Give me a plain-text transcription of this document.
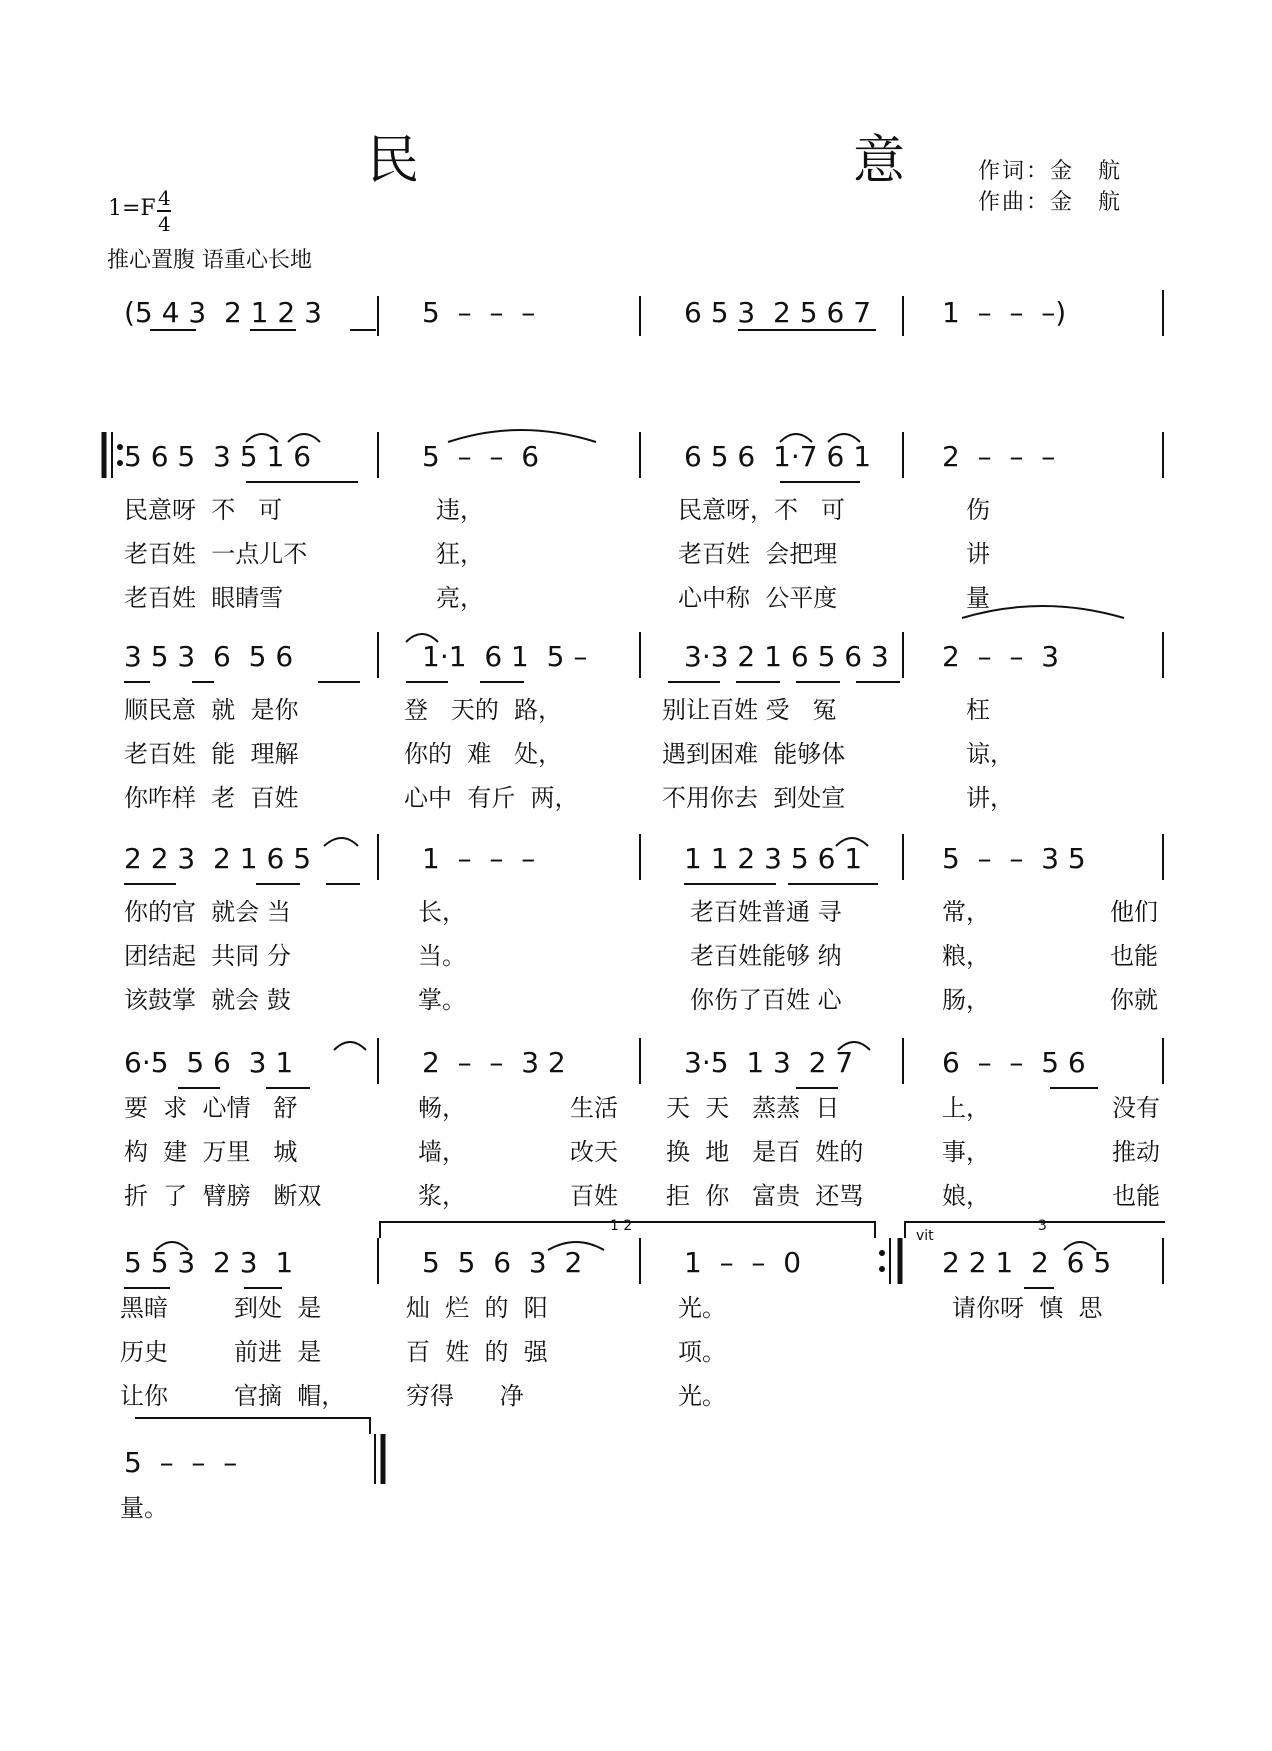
民　　意
作词：金　航
作曲：金　航
1=F 4
4
推心置腹 语重心长地
1 2	3
vit
(5 4 3  2 1 2 3	5  –  –  –	6 5 3  2 5 6 7	1  –  –  –)
5 6 5  3 5 1 6	5  –  –  6	6 5 6  1·7 6 1	2  –  –  –
民意呀  不   可	违，	民意呀，不   可	伤
老百姓  一点儿不	狂，	老百姓  会把理	讲
老百姓  眼睛雪	亮，	心中称  公平度	量
3 5 3  6  5 6	1·1  6 1  5 –	3·3 2 1 6 5 6 3 2  –  –  3
顺民意  就  是你	登   天的  路，	别让百姓 受   冤	枉
老百姓  能  理解	你的  难   处，	遇到困难  能够体	谅，
你咋样  老  百姓	心中  有斤  两，	不用你去  到处宣	讲，
2 2 3  2 1 6 5	1  –  –  –	1 1 2 3 5 6 1	5  –  –  3 5
你的官  就会 当	长，	老百姓普通 寻	常，	他们
团结起  共同 分	当。	老百姓能够 纳	粮，	也能
该鼓掌  就会 鼓	掌。	你伤了百姓 心	肠，	你就
6·5  5 6  3 1	2  –  –  3 2	3·5  1 3  2 7	6  –  –  5 6
要  求  心情   舒	畅，	生活 天  天   蒸蒸  日	上，	没有
构  建  万里   城	墙，	改天 换  地   是百  姓的	事，	推动
折  了  臂膀   断双	浆，	百姓 拒  你   富贵  还骂	娘，	也能
5 5 3  2 3  1	5  5  6  3  2	1  –  –  0	2 2 1  2  6 5
黑暗	到处  是	灿  烂  的  阳	光。	请你呀  慎  思
历史	前进  是	百  姓  的  强	项。
让你	官摘  帽，	穷得      净	光。
5  –  –  –
量。
